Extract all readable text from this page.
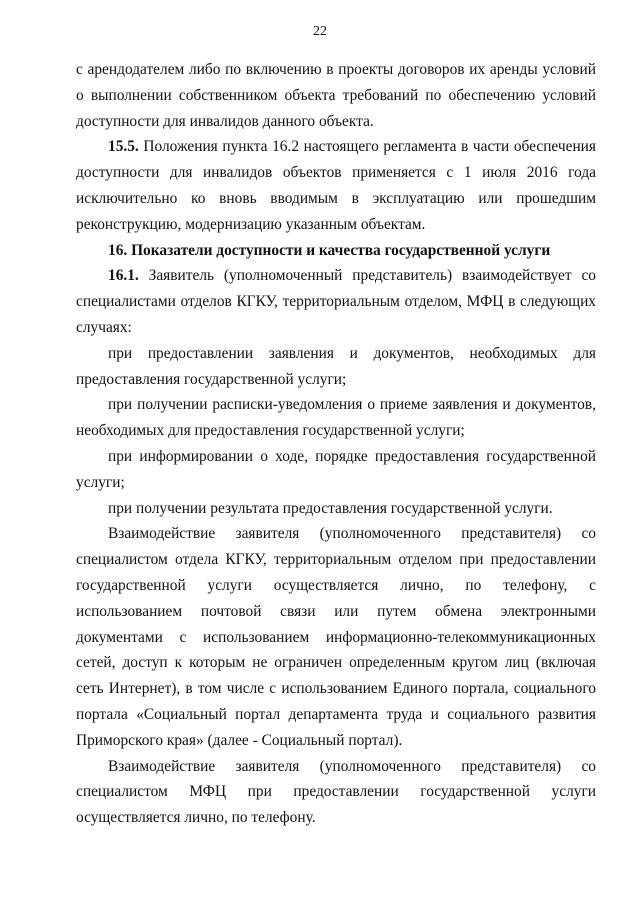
22

с арендодателем либо по включению в проекты договоров их аренды условий о выполнении собственником объекта требований по обеспечению условий доступности для инвалидов данного объекта.

15.5. Положения пункта 16.2 настоящего регламента в части обеспечения доступности для инвалидов объектов применяется с 1 июля 2016 года исключительно ко вновь вводимым в эксплуатацию или прошедшим реконструкцию, модернизацию указанным объектам.

16. Показатели доступности и качества государственной услуги

16.1. Заявитель (уполномоченный представитель) взаимодействует со специалистами отделов КГКУ, территориальным отделом, МФЦ в следующих случаях:

при предоставлении заявления и документов, необходимых для предоставления государственной услуги;

при получении расписки-уведомления о приеме заявления и документов, необходимых для предоставления государственной услуги;

при информировании о ходе, порядке предоставления государственной услуги;

при получении результата предоставления государственной услуги.

Взаимодействие заявителя (уполномоченного представителя) со специалистом отдела КГКУ, территориальным отделом при предоставлении государственной услуги осуществляется лично, по телефону, с использованием почтовой связи или путем обмена электронными документами с использованием информационно-телекоммуникационных сетей, доступ к которым не ограничен определенным кругом лиц (включая сеть Интернет), в том числе с использованием Единого портала, социального портала «Социальный портал департамента труда и социального развития Приморского края» (далее - Социальный портал).

Взаимодействие заявителя (уполномоченного представителя) со специалистом МФЦ при предоставлении государственной услуги осуществляется лично, по телефону.
